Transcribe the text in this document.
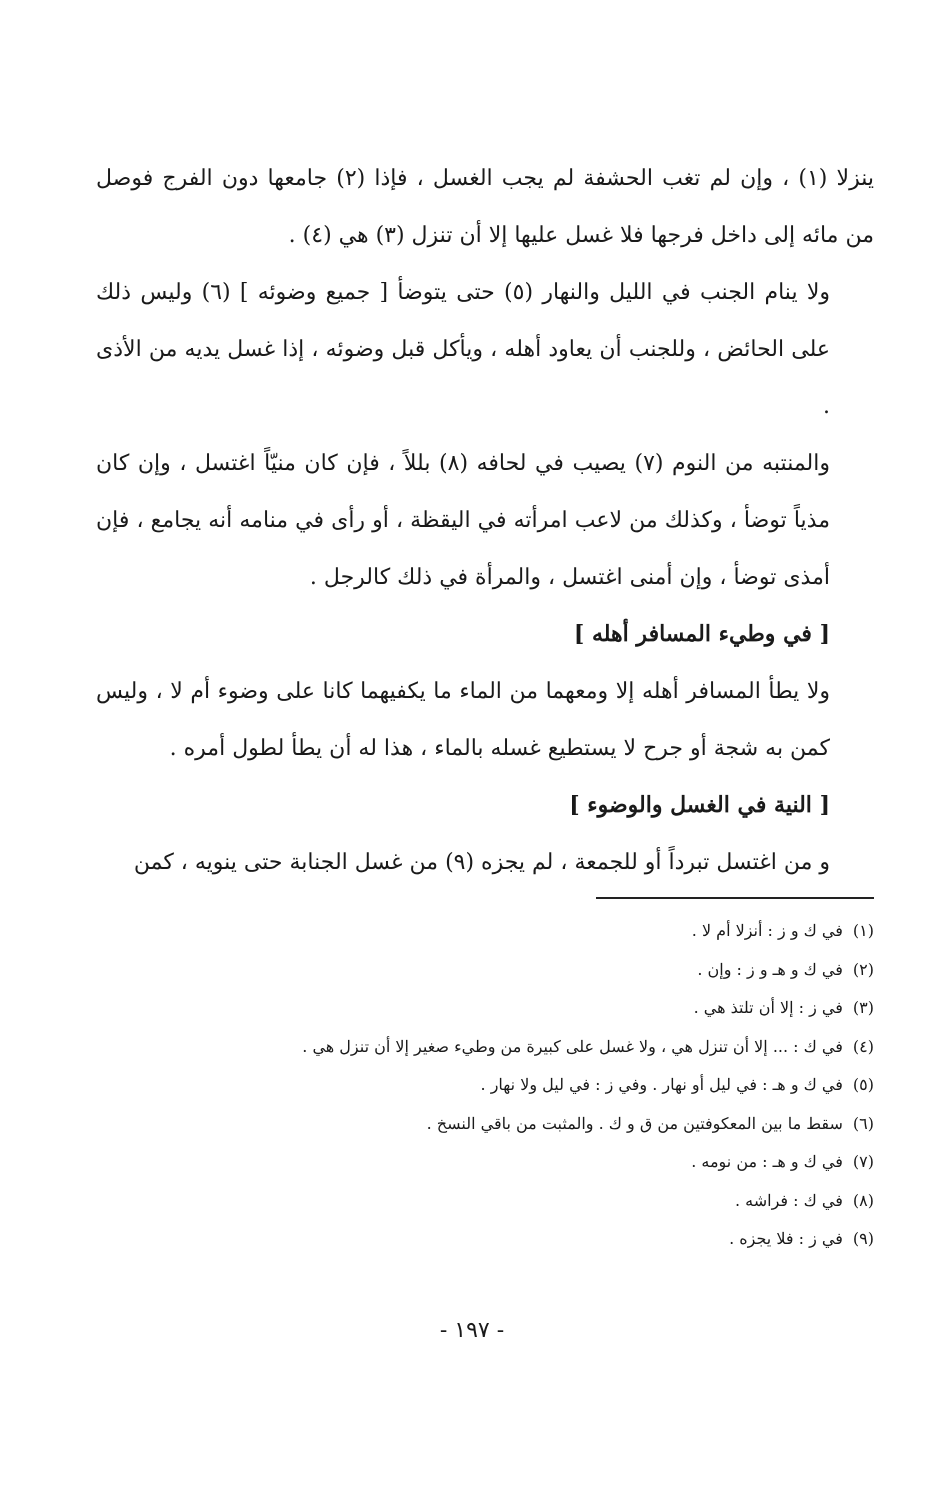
ينزلا (١) ، وإن لم تغب الحشفة لم يجب الغسل ، فإذا (٢) جامعها دون الفرج فوصل من مائه إلى داخل فرجها فلا غسل عليها إلا أن تنزل (٣) هي (٤) .

ولا ينام الجنب في الليل والنهار (٥) حتى يتوضأ [ جميع وضوئه ] (٦) وليس ذلك على الحائض ، وللجنب أن يعاود أهله ، ويأكل قبل وضوئه ، إذا غسل يديه من الأذى .

والمنتبه من النوم (٧) يصيب في لحافه (٨) بللاً ، فإن كان منيّاً اغتسل ، وإن كان مذياً توضأ ، وكذلك من لاعب امرأته في اليقظة ، أو رأى في منامه أنه يجامع ، فإن أمذى توضأ ، وإن أمنى اغتسل ، والمرأة في ذلك كالرجل .

[ في وطيء المسافر أهله ]

ولا يطأ المسافر أهله إلا ومعهما من الماء ما يكفيهما كانا على وضوء أم لا ، وليس كمن به شجة أو جرح لا يستطيع غسله بالماء ، هذا له أن يطأ لطول أمره .

[ النية في الغسل والوضوء ]

و من اغتسل تبرداً أو للجمعة ، لم يجزه (٩) من غسل الجنابة حتى ينويه ، كمن

(١)في ك و ز : أنزلا أم لا .
(٢)في ك و هـ و ز : وإن .
(٣)في ز : إلا أن تلتذ هي .
(٤)في ك : ... إلا أن تنزل هي ، ولا غسل على كبيرة من وطيء صغير إلا أن تنزل هي .
(٥)في ك و هـ : في ليل أو نهار . وفي ز : في ليل ولا نهار .
(٦)سقط ما بين المعكوفتين من ق و ك . والمثبت من باقي النسخ .
(٧)في ك و هـ : من نومه .
(٨)في ك : فراشه .
(٩)في ز : فلا يجزه .
- ١٩٧ -
